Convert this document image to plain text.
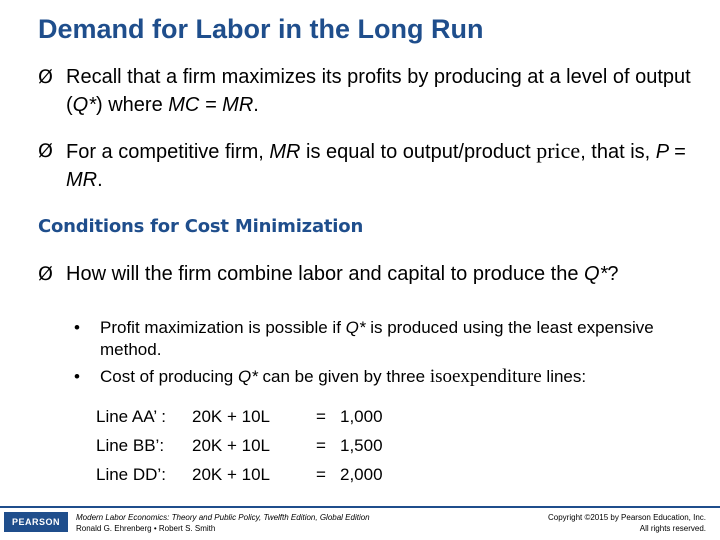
Demand for Labor in the Long Run
Ø Recall that a firm maximizes its profits by producing at a level of output (Q*) where MC = MR.
Ø For a competitive firm, MR is equal to output/product price, that is, P = MR.
Conditions for Cost Minimization
Ø How will the firm combine labor and capital to produce the Q*?
• Profit maximization is possible if Q* is produced using the least expensive method.
• Cost of producing Q* can be given by three isoexpenditure lines:
Line AA’ :	20K + 10L	= 1,000
Line BB’:	20K + 10L	= 1,500
Line DD’:	20K + 10L	= 2,000
PEARSON	Modern Labor Economics: Theory and Public Policy, Twelfth Edition, Global Edition
Ronald G. Ehrenberg • Robert S. Smith
Copyright ©2015 by Pearson Education, Inc.
All rights reserved.
